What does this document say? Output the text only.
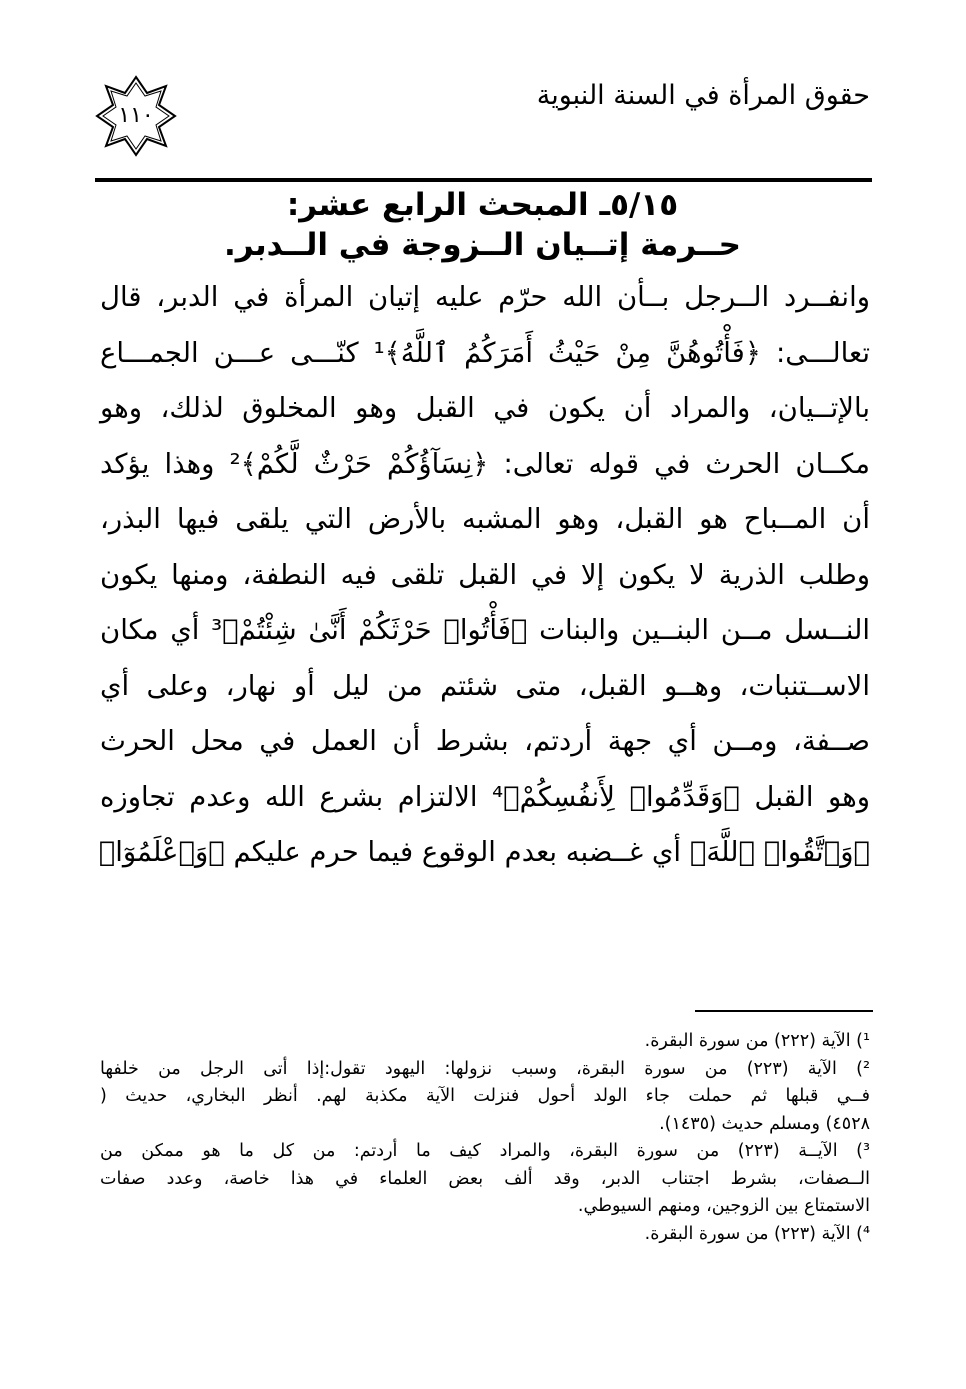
حقوق المرأة في السنة النبوية
١١٠
٥/١٥ـ المبحث الرابع عشر:
حــرمة إتــيان الــزوجة في الــدبر.
وانفــرد الــرجل بــأن الله حرّم عليه إتيان المرأة في الدبر، قال
تعالـــى: ﴿فَأْتُوهُنَّ مِنْ حَيْثُ أَمَرَكُمُ ٱللَّهُ﴾¹ كنّـــى عـــن الجمـــاع
بالإتــيان، والمراد أن يكون في القبل وهو المخلوق لذلك، وهو
مكــان الحرث في قوله تعالى: ﴿نِسَآؤُكُمْ حَرْثٌ لَّكُمْ﴾² وهذا يؤكد
أن المــباح هو القبل، وهو المشبه بالأرض التي يلقى فيها البذر،
وطلب الذرية لا يكون إلا في القبل تلقى فيه النطفة، ومنها يكون
النــسل مــن البنــين والبنات ﴿فَأْتُوا۟ حَرْثَكُمْ أَنَّىٰ شِئْتُمْ﴾³ أي مكان
الاســتنبات، وهــو القبل، متى شئتم من ليل أو نهار، وعلى أي
صــفة، ومــن أي جهة أردتم، بشرط أن العمل في محل الحرث
وهو القبل ﴿وَقَدِّمُوا۟ لِأَنفُسِكُمْ﴾⁴ الالتزام بشرع الله وعدم تجاوزه
﴿وَٱتَّقُوا۟ ٱللَّهَ﴾ أي غــضبه بعدم الوقوع فيما حرم عليكم ﴿وَٱعْلَمُوٓا۟
¹) الآية (٢٢٢) من سورة البقرة.
²) الآية (٢٢٣) من سورة البقرة، وسبب نزولها: اليهود تقول:إذا أتى الرجل من خلفها
فــي قبلها ثم حملت جاء الولد أحول فنزلت الآية مكذبة لهم. أنظر البخاري، حديث (
٤٥٢٨) ومسلم حديث (١٤٣٥).
³) الآيــة (٢٢٣) من سورة البقرة، والمراد كيف ما أردتم: من كل ما هو ممكن من
الــصفات، بشرط اجتناب الدبر، وقد ألف بعض العلماء في هذا خاصة، وعدد صفات
الاستمتاع بين الزوجين، ومنهم السيوطي.
⁴) الآية (٢٢٣) من سورة البقرة.
